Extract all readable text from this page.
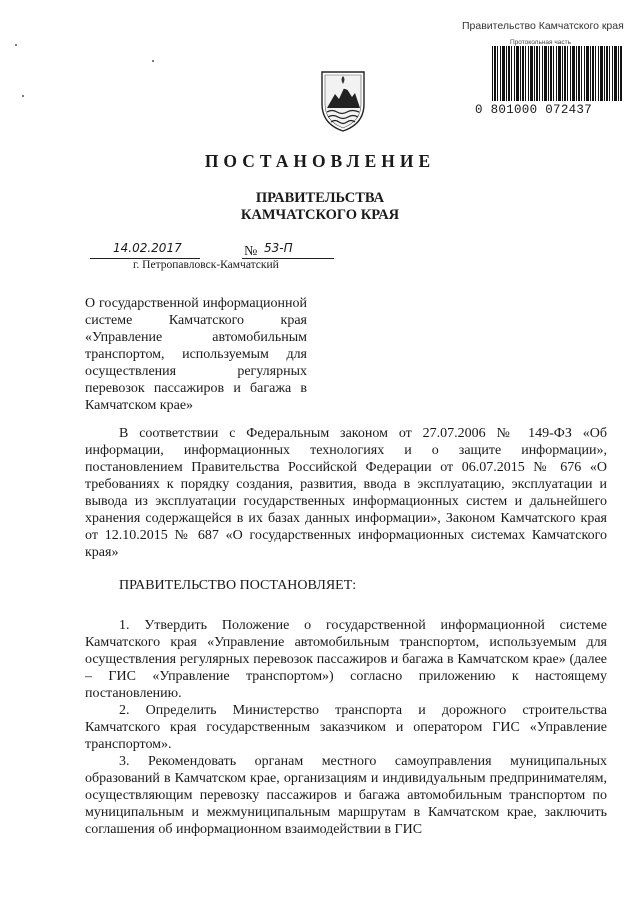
Правительство Камчатского края
Протокольная часть
0 801000 072437
ПОСТАНОВЛЕНИЕ
ПРАВИТЕЛЬСТВА
КАМЧАТСКОГО КРАЯ
14.02.2017	№ 53-П
г. Петропавловск-Камчатский
О государственной информационной системе Камчатского края «Управление автомобильным транспортом, используемым для осуществления регулярных перевозок пассажиров и багажа в Камчатском крае»
В соответствии с Федеральным законом от 27.07.2006 № 149-ФЗ «Об информации, информационных технологиях и о защите информации», постановлением Правительства Российской Федерации от 06.07.2015 № 676 «О требованиях к порядку создания, развития, ввода в эксплуатацию, эксплуатации и вывода из эксплуатации государственных информационных систем и дальнейшего хранения содержащейся в их базах данных информации», Законом Камчатского края от 12.10.2015 № 687 «О государственных информационных системах Камчатского края»
ПРАВИТЕЛЬСТВО ПОСТАНОВЛЯЕТ:

1. Утвердить Положение о государственной информационной системе Камчатского края «Управление автомобильным транспортом, используемым для осуществления регулярных перевозок пассажиров и багажа в Камчатском крае» (далее – ГИС «Управление транспортом») согласно приложению к настоящему постановлению.

2. Определить Министерство транспорта и дорожного строительства Камчатского края государственным заказчиком и оператором ГИС «Управление транспортом».

3. Рекомендовать органам местного самоуправления муниципальных образований в Камчатском крае, организациям и индивидуальным предпринимателям, осуществляющим перевозку пассажиров и багажа автомобильным транспортом по муниципальным и межмуниципальным маршрутам в Камчатском крае, заключить соглашения об информационном взаимодействии в ГИС
